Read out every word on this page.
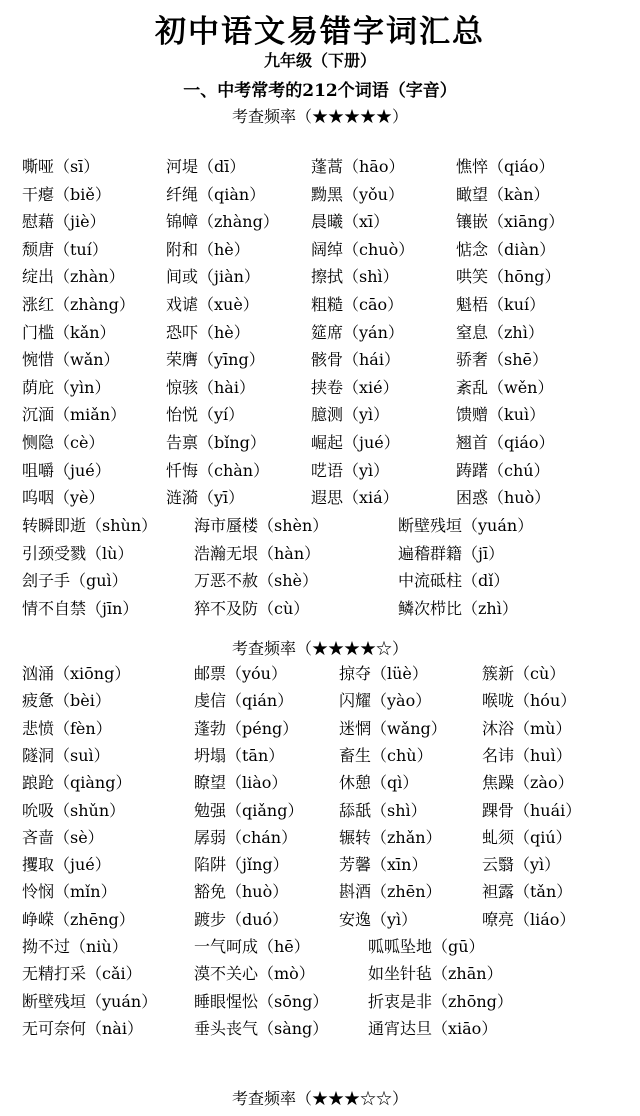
初中语文易错字词汇总
九年级（下册）
一、中考常考的212个词语（字音）
考查频率（★★★★★）
嘶哑（sī）	河堤（dī）	蓬蒿（hāo）	憔悴（qiáo）
干瘪（biě）	纤绳（qiàn）	黝黑（yǒu）	瞰望（kàn）
慰藉（jiè）	锦幛（zhàng） 晨曦（xī）	镶嵌（xiāng）
颓唐（tuí）	附和（hè）	阔绰（chuò）	惦念（diàn）
绽出（zhàn）	间或（jiàn）	擦拭（shì）	哄笑（hōng）
涨红（zhàng） 戏谑（xuè）	粗糙（cāo）	魁梧（kuí）
门槛（kǎn）	恐吓（hè）	筵席（yán）	窒息（zhì）
惋惜（wǎn）	荣膺（yīng）	骸骨（hái）	骄奢（shē）
荫庇（yìn）	惊骇（hài）	挟卷（xié）	紊乱（wěn）
沉湎（miǎn） 怡悦（yí）	臆测（yì）	馈赠（kuì）
恻隐（cè）	告禀（bǐng）	崛起（jué）	翘首（qiáo）
咀嚼（jué）	忏悔（chàn）	呓语（yì）	踌躇（chú）
呜咽（yè）	涟漪（yī）	遐思（xiá）	困惑（huò）
转瞬即逝（shùn） 海市蜃楼（shèn）	断壁残垣（yuán）
引颈受戮（lù）	浩瀚无垠（hàn）	遍稽群籍（jī）
刽子手（guì）	万恶不赦（shè）	中流砥柱（dǐ）
情不自禁（jīn）	猝不及防（cù）	鳞次栉比（zhì）
考查频率（★★★★☆）
汹涌（xiōng）	邮票（yóu）	掠夺（lüè）	簇新（cù）
疲惫（bèi）	虔信（qián）	闪耀（yào）	喉咙（hóu）
悲愤（fèn）	蓬勃（péng）	迷惘（wǎng） 沐浴（mù）
隧洞（suì）	坍塌（tān）	畜生（chù）	名讳（huì）
踉跄（qiàng）	瞭望（liào）	休憩（qì）	焦躁（zào）
吮吸（shǔn）	勉强（qiǎng） 舔舐（shì）	踝骨（huái）
吝啬（sè）	孱弱（chán）	辗转（zhǎn）	虬须（qiú）
攫取（jué）	陷阱（jǐng）	芳馨（xīn）	云翳（yì）
怜悯（mǐn）	豁免（huò）	斟酒（zhēn）	袒露（tǎn）
峥嵘（zhēng）	踱步（duó）	安逸（yì）	嘹亮（liáo）
拗不过（niù）	一气呵成（hē）	呱呱坠地（gū）
无精打采（cǎi）	漠不关心（mò）	如坐针毡（zhān）
断壁残垣（yuán） 睡眼惺忪（sōng） 折衷是非（zhōng）
无可奈何（nài）	垂头丧气（sàng） 通宵达旦（xiāo）
考查频率（★★★☆☆）
